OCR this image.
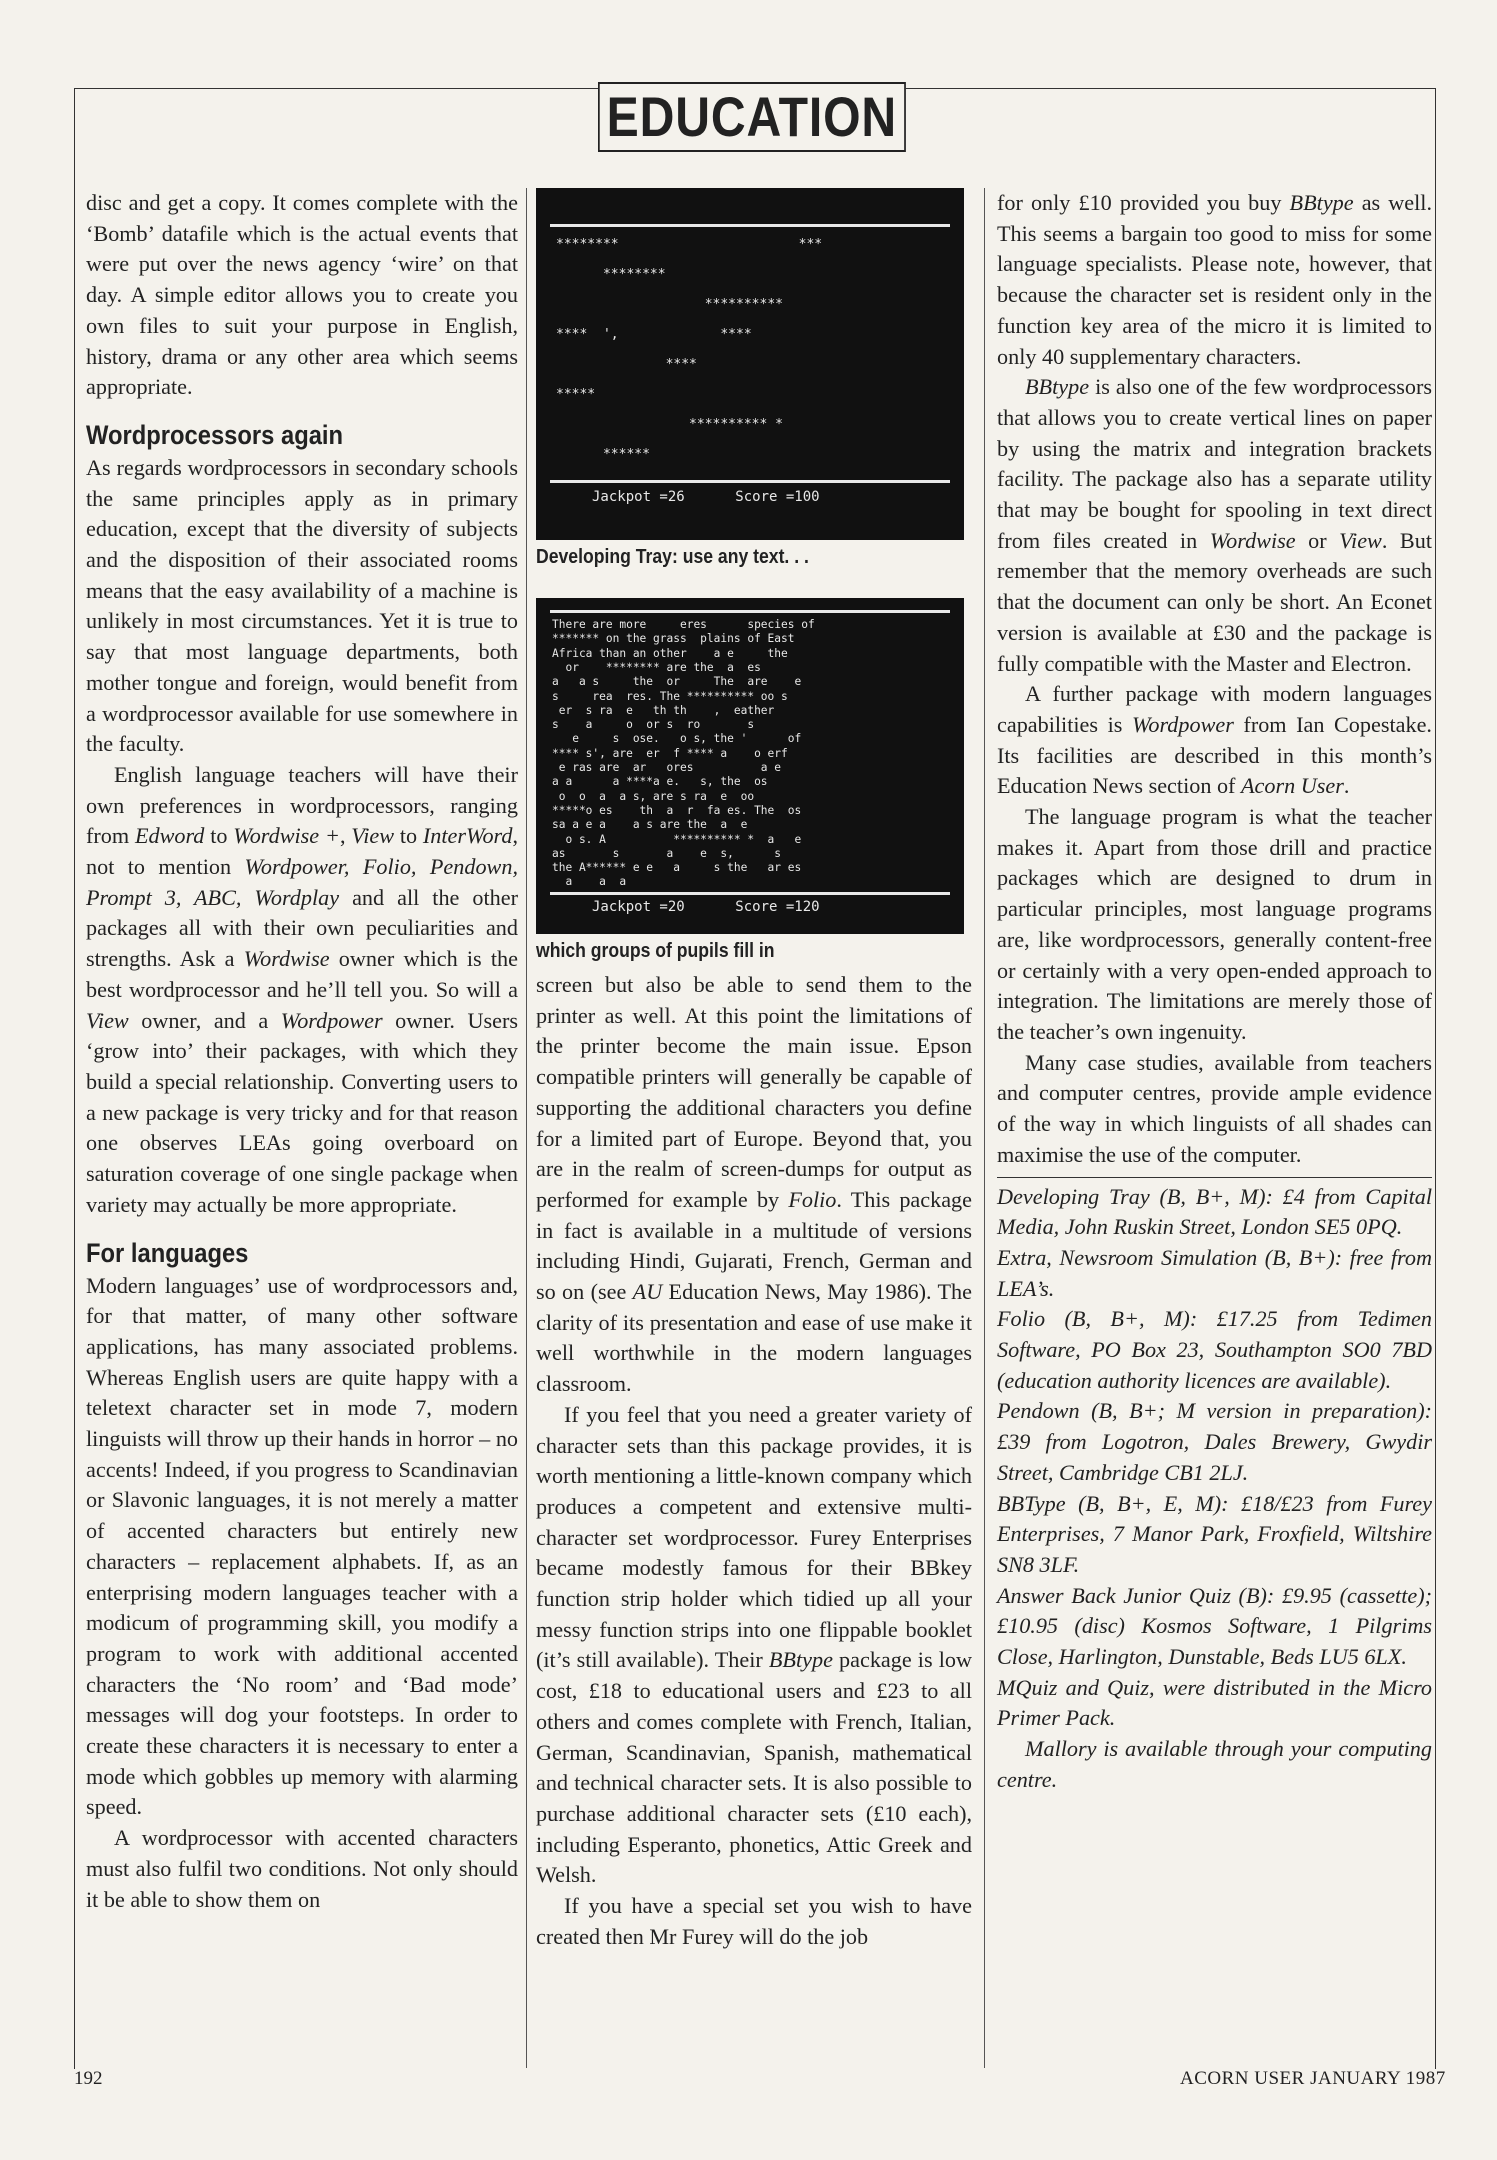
EDUCATION

disc and get a copy. It comes complete with the ‘Bomb’ datafile which is the actual events that were put over the news agency ‘wire’ on that day. A simple editor allows you to create you own files to suit your purpose in English, history, drama or any other area which seems appropriate.

Wordprocessors again

As regards wordprocessors in secondary schools the same principles apply as in primary education, except that the diversity of subjects and the disposition of their associated rooms means that the easy availability of a machine is unlikely in most circumstances. Yet it is true to say that most language departments, both mother tongue and foreign, would benefit from a wordprocessor available for use somewhere in the faculty.

English language teachers will have their own preferences in wordprocessors, ranging from Edword to Wordwise +, View to InterWord, not to mention Wordpower, Folio, Pendown, Prompt 3, ABC, Wordplay and all the other packages all with their own peculiarities and strengths. Ask a Wordwise owner which is the best wordprocessor and he’ll tell you. So will a View owner, and a Wordpower owner. Users ‘grow into’ their packages, with which they build a special relationship. Converting users to a new package is very tricky and for that reason one observes LEAs going overboard on saturation coverage of one single package when variety may actually be more appropriate.

For languages

Modern languages’ use of wordprocessors and, for that matter, of many other software applications, has many associated problems. Whereas English users are quite happy with a teletext character set in mode 7, modern linguists will throw up their hands in horror – no accents! Indeed, if you progress to Scandinavian or Slavonic languages, it is not merely a matter of accented characters but entirely new characters – replacement alphabets. If, as an enterprising modern languages teacher with a modicum of programming skill, you modify a program to work with additional accented characters the ‘No room’ and ‘Bad mode’ messages will dog your footsteps. In order to create these characters it is necessary to enter a mode which gobbles up memory with alarming speed.

A wordprocessor with accented characters must also fulfil two conditions. Not only should it be able to show them on

********                       ***
********
**********
****  ',             ****
****
*****
********** *
******
Jackpot =26      Score =100
Developing Tray: use any text. . .
There are more     eres      species of
******* on the grass  plains of East
Africa than an other    a e     the
or    ******** are the  a  es
a   a s     the  or     The  are    e
s     rea  res. The ********** oo s
er  s ra  e   th th    ,  eather
s    a     o  or s  ro       s
e     s  ose.   o s, the '      of
**** s', are  er  f **** a    o erf
e ras are  ar   ores          a e
a a      a ****a e.   s, the  os
o  o  a  a s, are s ra  e  oo
*****o es    th  a  r  fa es. The  os
sa a e a    a s are the  a  e
o s. A          ********** *  a   e
as       s       a    e  s,      s
the A****** e e   a     s the   ar es
a    a  a
Jackpot =20      Score =120
which groups of pupils fill in

screen but also be able to send them to the printer as well. At this point the limitations of the printer become the main issue. Epson compatible printers will generally be capable of supporting the additional characters you define for a limited part of Europe. Beyond that, you are in the realm of screen-dumps for output as performed for example by Folio. This package in fact is available in a multitude of versions including Hindi, Gujarati, French, German and so on (see AU Education News, May 1986). The clarity of its presentation and ease of use make it well worthwhile in the modern languages classroom.

If you feel that you need a greater variety of character sets than this package provides, it is worth mentioning a little-known company which produces a competent and extensive multi-character set wordprocessor. Furey Enterprises became modestly famous for their BBkey function strip holder which tidied up all your messy function strips into one flippable booklet (it’s still available). Their BBtype package is low cost, £18 to educational users and £23 to all others and comes complete with French, Italian, German, Scandinavian, Spanish, mathematical and technical character sets. It is also possible to purchase additional character sets (£10 each), including Esperanto, phonetics, Attic Greek and Welsh.

If you have a special set you wish to have created then Mr Furey will do the job

for only £10 provided you buy BBtype as well. This seems a bargain too good to miss for some language specialists. Please note, however, that because the character set is resident only in the function key area of the micro it is limited to only 40 supplementary characters.

BBtype is also one of the few wordprocessors that allows you to create vertical lines on paper by using the matrix and integration brackets facility. The package also has a separate utility that may be bought for spooling in text direct from files created in Wordwise or View. But remember that the memory overheads are such that the document can only be short. An Econet version is available at £30 and the package is fully compatible with the Master and Electron.

A further package with modern languages capabilities is Wordpower from Ian Copestake. Its facilities are described in this month’s Education News section of Acorn User.

The language program is what the teacher makes it. Apart from those drill and practice packages which are designed to drum in particular principles, most language programs are, like wordprocessors, generally content-free or certainly with a very open-ended approach to integration. The limitations are merely those of the teacher’s own ingenuity.

Many case studies, available from teachers and computer centres, provide ample evidence of the way in which linguists of all shades can maximise the use of the computer.

Developing Tray (B, B+, M): £4 from Capital Media, John Ruskin Street, London SE5 0PQ.

Extra, Newsroom Simulation (B, B+): free from LEA’s.

Folio (B, B+, M): £17.25 from Tedimen Software, PO Box 23, Southampton SO0 7BD (education authority licences are available).

Pendown (B, B+; M version in preparation): £39 from Logotron, Dales Brewery, Gwydir Street, Cambridge CB1 2LJ.

BBType (B, B+, E, M): £18/£23 from Furey Enterprises, 7 Manor Park, Froxfield, Wiltshire SN8 3LF.

Answer Back Junior Quiz (B): £9.95 (cassette); £10.95 (disc) Kosmos Software, 1 Pilgrims Close, Harlington, Dunstable, Beds LU5 6LX.

MQuiz and Quiz, were distributed in the Micro Primer Pack.

Mallory is available through your computing centre.

192	ACORN USER JANUARY 1987
